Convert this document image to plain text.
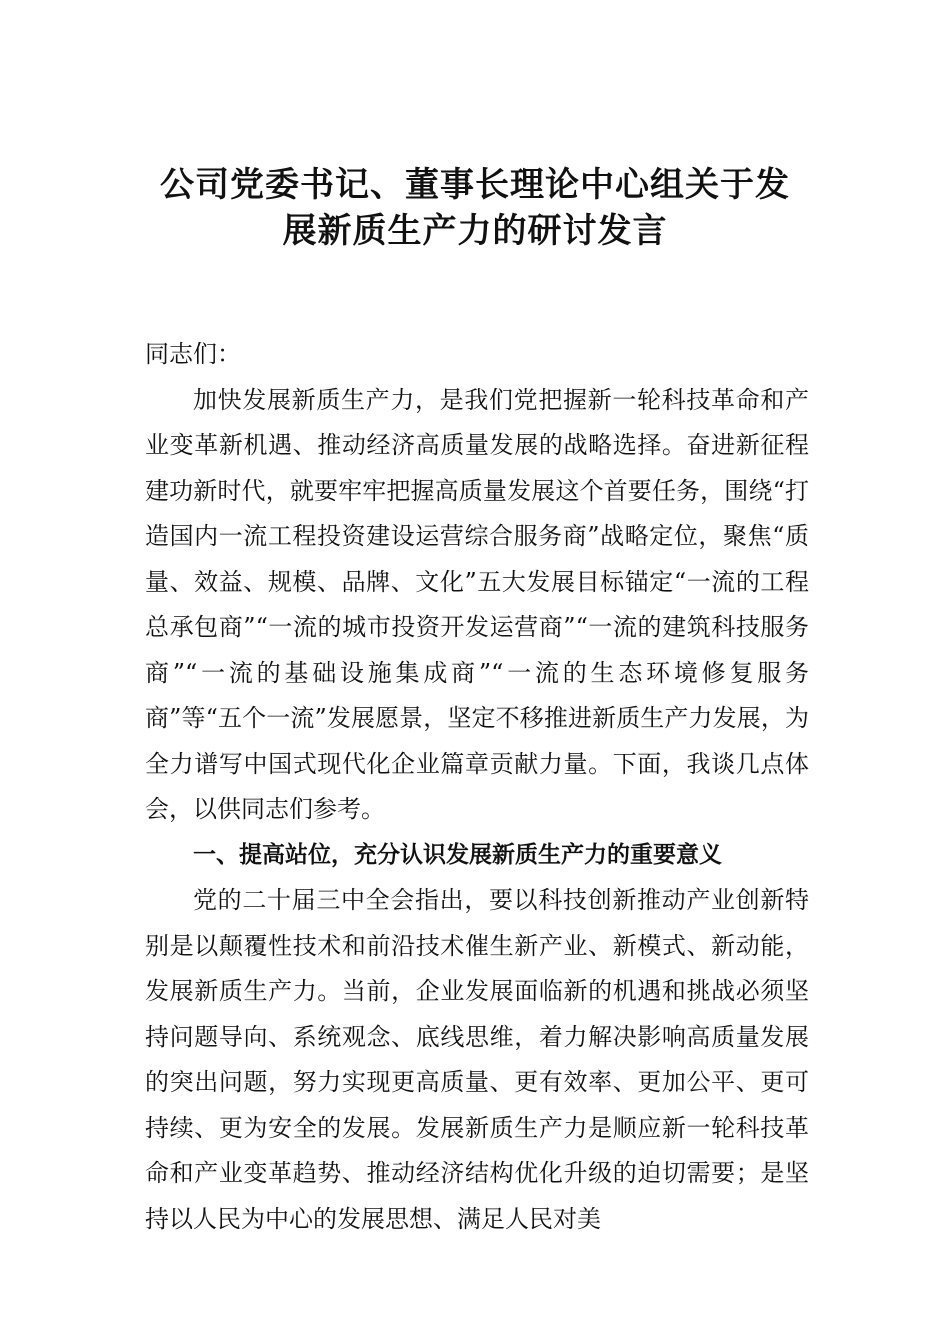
公司党委书记、董事长理论中心组关于发
展新质生产力的研讨发言

同志们：

加快发展新质生产力，是我们党把握新一轮科技革命和产业变革新机遇、推动经济高质量发展的战略选择。奋进新征程建功新时代，就要牢牢把握高质量发展这个首要任务，围绕“打造国内一流工程投资建设运营综合服务商”战略定位，聚焦“质量、效益、规模、品牌、文化”五大发展目标锚定“一流的工程总承包商”“一流的城市投资开发运营商”“一流的建筑科技服务商”“一流的基础设施集成商”“一流的生态环境修复服务商”等“五个一流”发展愿景，坚定不移推进新质生产力发展，为全力谱写中国式现代化企业篇章贡献力量。下面，我谈几点体会，以供同志们参考。

一、提高站位，充分认识发展新质生产力的重要意义

党的二十届三中全会指出，要以科技创新推动产业创新特别是以颠覆性技术和前沿技术催生新产业、新模式、新动能，发展新质生产力。当前，企业发展面临新的机遇和挑战必须坚持问题导向、系统观念、底线思维，着力解决影响高质量发展的突出问题，努力实现更高质量、更有效率、更加公平、更可持续、更为安全的发展。发展新质生产力是顺应新一轮科技革命和产业变革趋势、推动经济结构优化升级的迫切需要；是坚持以人民为中心的发展思想、满足人民对美
